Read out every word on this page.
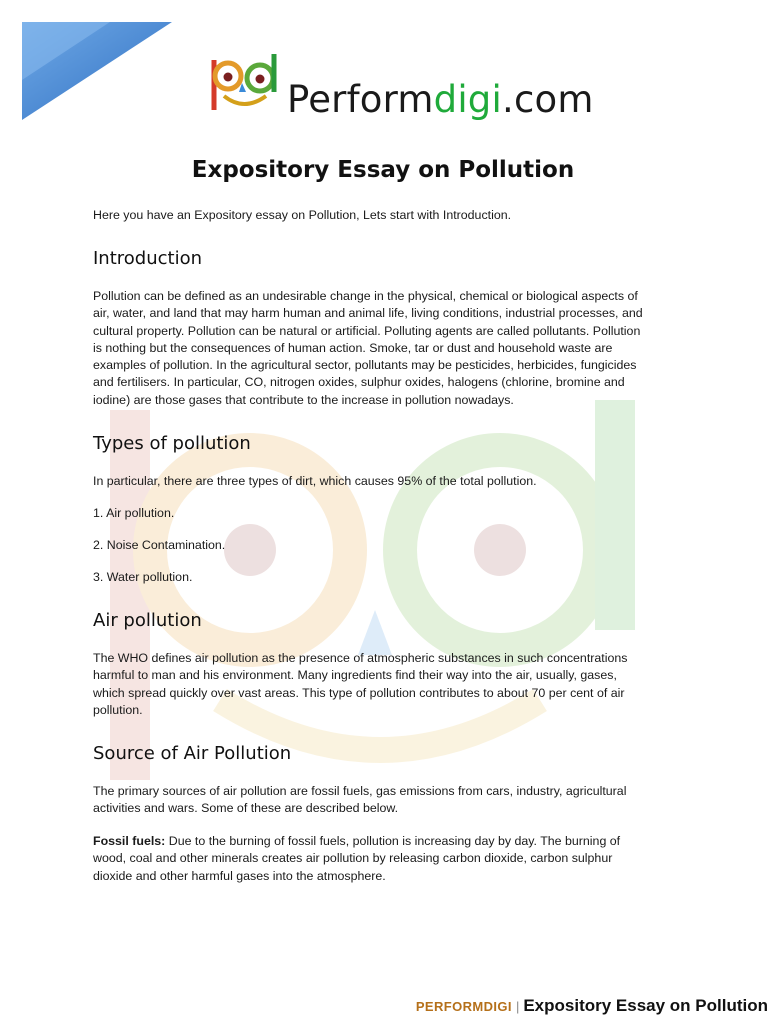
Performdigi.com
Expository Essay on Pollution
Here you have an Expository essay on Pollution, Lets start with Introduction.
Introduction
Pollution can be defined as an undesirable change in the physical, chemical or biological aspects of
air, water, and land that may harm human and animal life, living conditions, industrial processes, and
cultural property. Pollution can be natural or artificial. Polluting agents are called pollutants. Pollution
is nothing but the consequences of human action. Smoke, tar or dust and household waste are
examples of pollution. In the agricultural sector, pollutants may be pesticides, herbicides, fungicides
and fertilisers. In particular, CO, nitrogen oxides, sulphur oxides, halogens (chlorine, bromine and
iodine) are those gases that contribute to the increase in pollution nowadays.
Types of pollution
In particular, there are three types of dirt, which causes 95% of the total pollution.
1. Air pollution.
2. Noise Contamination.
3. Water pollution.
Air pollution
The WHO defines air pollution as the presence of atmospheric substances in such concentrations
harmful to man and his environment. Many ingredients find their way into the air, usually, gases,
which spread quickly over vast areas. This type of pollution contributes to about 70 per cent of air
pollution.
Source of Air Pollution
The primary sources of air pollution are fossil fuels, gas emissions from cars, industry, agricultural
activities and wars. Some of these are described below.
Fossil fuels: Due to the burning of fossil fuels, pollution is increasing day by day. The burning of
wood, coal and other minerals creates air pollution by releasing carbon dioxide, carbon sulphur
dioxide and other harmful gases into the atmosphere.
PERFORMDIGI | Expository Essay on Pollution
